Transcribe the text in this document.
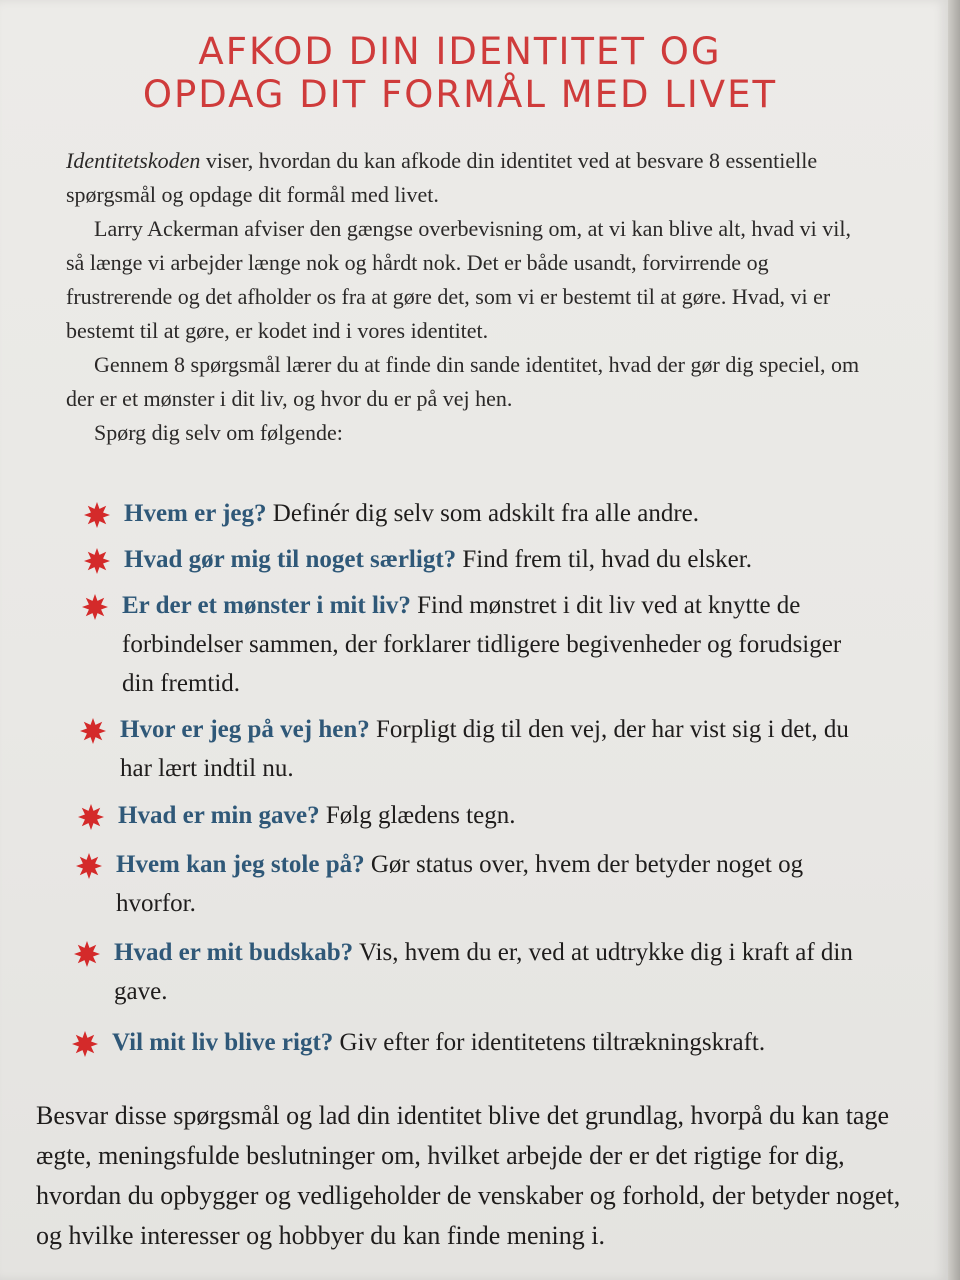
AFKOD DIN IDENTITET OG
OPDAG DIT FORMÅL MED LIVET

Identitetskoden viser, hvordan du kan afkode din identitet ved at besvare 8 essentielle spørgsmål og opdage dit formål med livet.

Larry Ackerman afviser den gængse overbevisning om, at vi kan blive alt, hvad vi vil, så længe vi arbejder længe nok og hårdt nok. Det er både usandt, forvirrende og frustrerende og det afholder os fra at gøre det, som vi er bestemt til at gøre. Hvad, vi er bestemt til at gøre, er kodet ind i vores identitet.

Gennem 8 spørgsmål lærer du at finde din sande identitet, hvad der gør dig speciel, om der er et mønster i dit liv, og hvor du er på vej hen.

Spørg dig selv om følgende:

Hvem er jeg? Definér dig selv som adskilt fra alle andre.
Hvad gør mig til noget særligt? Find frem til, hvad du elsker.
Er der et mønster i mit liv? Find mønstret i dit liv ved at knytte de forbindelser sammen, der forklarer tidligere begivenheder og forudsiger din fremtid.
Hvor er jeg på vej hen? Forpligt dig til den vej, der har vist sig i det, du har lært indtil nu.
Hvad er min gave? Følg glædens tegn.
Hvem kan jeg stole på? Gør status over, hvem der betyder noget og hvorfor.
Hvad er mit budskab? Vis, hvem du er, ved at udtrykke dig i kraft af din gave.
Vil mit liv blive rigt? Giv efter for identitetens tiltrækningskraft.

Besvar disse spørgsmål og lad din identitet blive det grundlag, hvorpå du kan tage ægte, meningsfulde beslutninger om, hvilket arbejde der er det rigtige for dig, hvordan du opbygger og vedligeholder de venskaber og forhold, der betyder noget, og hvilke interesser og hobbyer du kan finde mening i.
